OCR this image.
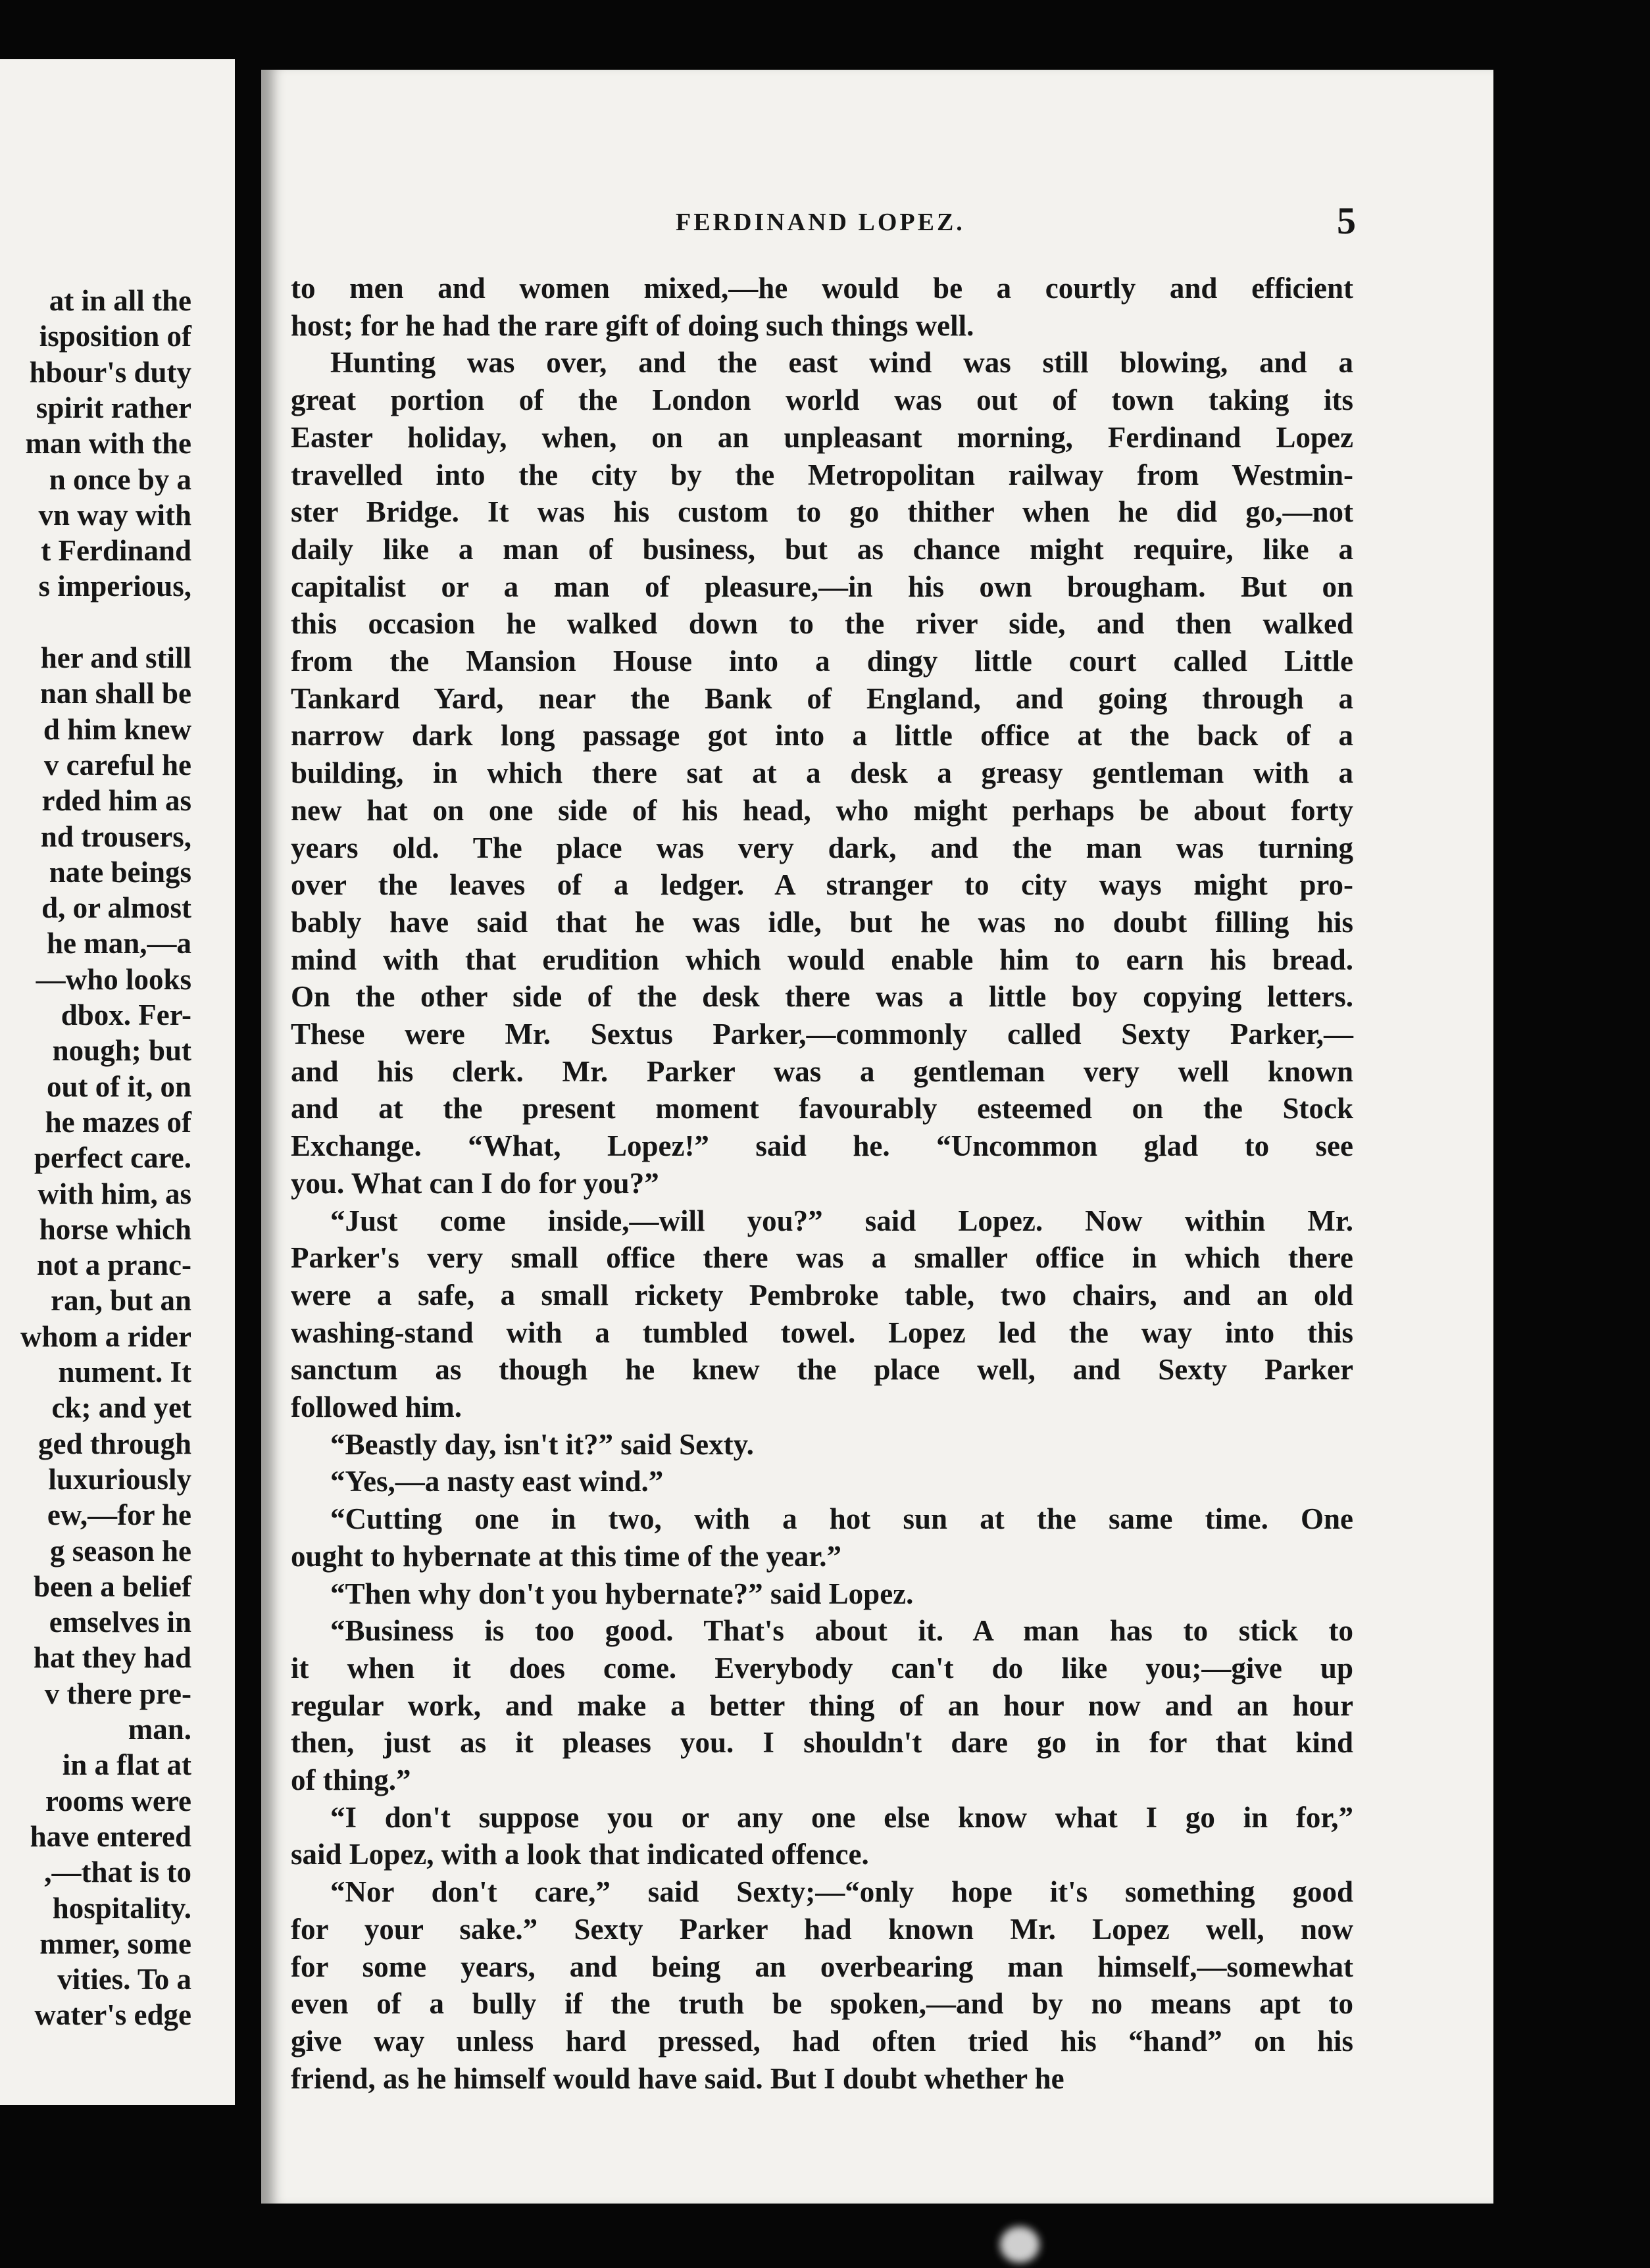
at in all the

isposition of

hbour's duty

spirit rather

man with the

n once by a

vn way with

t Ferdinand

s imperious,

her and still

nan shall be

d him knew

v careful he

rded him as

nd trousers,

nate beings

d, or almost

he man,—a

—who looks

dbox. Fer-

nough; but

out of it, on

he mazes of

perfect care.

with him, as

horse which

not a pranc-

ran, but an

whom a rider

nument. It

ck; and yet

ged through

luxuriously

ew,—for he

g season he

been a belief

emselves in

hat they had

v there pre-

man.

in a flat at

rooms were

have entered

,—that is to

hospitality.

mmer, some

vities. To a

water's edge

FERDINAND LOPEZ.	5

to men and women mixed,—he would be a courtly and efficient

host; for he had the rare gift of doing such things well.

Hunting was over, and the east wind was still blowing, and a

great portion of the London world was out of town taking its

Easter holiday, when, on an unpleasant morning, Ferdinand Lopez

travelled into the city by the Metropolitan railway from Westmin-

ster Bridge. It was his custom to go thither when he did go,—not

daily like a man of business, but as chance might require, like a

capitalist or a man of pleasure,—in his own brougham. But on

this occasion he walked down to the river side, and then walked

from the Mansion House into a dingy little court called Little

Tankard Yard, near the Bank of England, and going through a

narrow dark long passage got into a little office at the back of a

building, in which there sat at a desk a greasy gentleman with a

new hat on one side of his head, who might perhaps be about forty

years old. The place was very dark, and the man was turning

over the leaves of a ledger. A stranger to city ways might pro-

bably have said that he was idle, but he was no doubt filling his

mind with that erudition which would enable him to earn his bread.

On the other side of the desk there was a little boy copying letters.

These were Mr. Sextus Parker,—commonly called Sexty Parker,—

and his clerk. Mr. Parker was a gentleman very well known

and at the present moment favourably esteemed on the Stock

Exchange. “What, Lopez!” said he. “Uncommon glad to see

you. What can I do for you?”

“Just come inside,—will you?” said Lopez. Now within Mr.

Parker's very small office there was a smaller office in which there

were a safe, a small rickety Pembroke table, two chairs, and an old

washing-stand with a tumbled towel. Lopez led the way into this

sanctum as though he knew the place well, and Sexty Parker

followed him.

“Beastly day, isn't it?” said Sexty.

“Yes,—a nasty east wind.”

“Cutting one in two, with a hot sun at the same time. One

ought to hybernate at this time of the year.”

“Then why don't you hybernate?” said Lopez.

“Business is too good. That's about it. A man has to stick to

it when it does come. Everybody can't do like you;—give up

regular work, and make a better thing of an hour now and an hour

then, just as it pleases you. I shouldn't dare go in for that kind

of thing.”

“I don't suppose you or any one else know what I go in for,”

said Lopez, with a look that indicated offence.

“Nor don't care,” said Sexty;—“only hope it's something good

for your sake.” Sexty Parker had known Mr. Lopez well, now

for some years, and being an overbearing man himself,—somewhat

even of a bully if the truth be spoken,—and by no means apt to

give way unless hard pressed, had often tried his “hand” on his

friend, as he himself would have said. But I doubt whether he
